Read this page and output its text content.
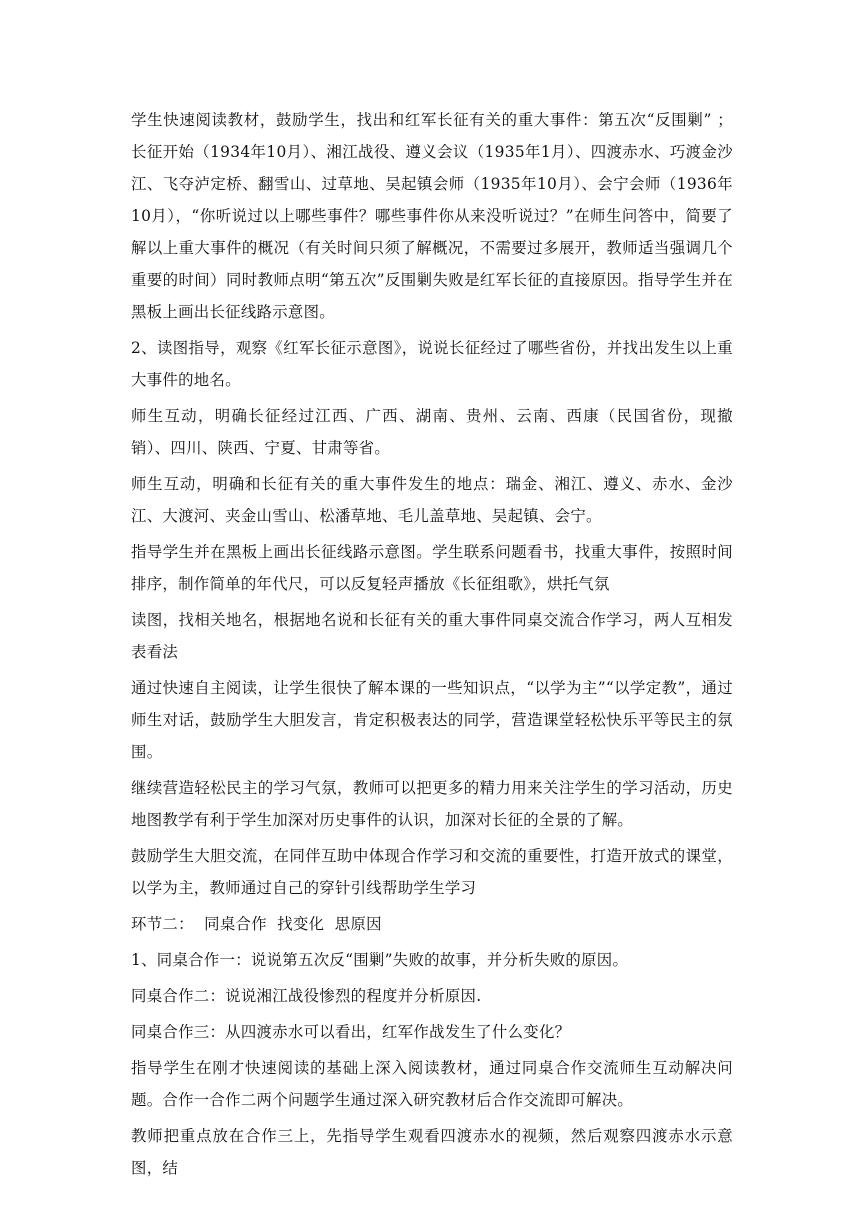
学生快速阅读教材，鼓励学生，找出和红军长征有关的重大事件：第五次“反围剿” ；长征开始（1934年10月）、湘江战役、遵义会议（1935年1月）、四渡赤水、巧渡金沙江、飞夺泸定桥、翻雪山、过草地、吴起镇会师（1935年10月）、会宁会师（1936年10月），“你听说过以上哪些事件？哪些事件你从来没听说过？”在师生问答中，简要了解以上重大事件的概况（有关时间只须了解概况，不需要过多展开，教师适当强调几个重要的时间）同时教师点明“第五次”反围剿失败是红军长征的直接原因。指导学生并在黑板上画出长征线路示意图。

2、读图指导，观察《红军长征示意图》，说说长征经过了哪些省份，并找出发生以上重大事件的地名。

师生互动，明确长征经过江西、广西、湖南、贵州、云南、西康（民国省份，现撤销）、四川、陕西、宁夏、甘肃等省。

师生互动，明确和长征有关的重大事件发生的地点：瑞金、湘江、遵义、赤水、金沙江、大渡河、夹金山雪山、松潘草地、毛儿盖草地、吴起镇、会宁。

指导学生并在黑板上画出长征线路示意图。学生联系问题看书，找重大事件，按照时间排序，制作简单的年代尺，可以反复轻声播放《长征组歌》，烘托气氛

读图，找相关地名，根据地名说和长征有关的重大事件同桌交流合作学习，两人互相发表看法

通过快速自主阅读，让学生很快了解本课的一些知识点，“以学为主”“以学定教”，通过师生对话，鼓励学生大胆发言，肯定积极表达的同学，营造课堂轻松快乐平等民主的氛围。

继续营造轻松民主的学习气氛，教师可以把更多的精力用来关注学生的学习活动，历史地图教学有利于学生加深对历史事件的认识，加深对长征的全景的了解。

鼓励学生大胆交流，在同伴互助中体现合作学习和交流的重要性，打造开放式的课堂，以学为主，教师通过自己的穿针引线帮助学生学习

环节二：  同桌合作  找变化  思原因

1、同桌合作一：说说第五次反“围剿”失败的故事，并分析失败的原因。

同桌合作二：说说湘江战役惨烈的程度并分析原因.

同桌合作三：从四渡赤水可以看出，红军作战发生了什么变化？

指导学生在刚才快速阅读的基础上深入阅读教材，通过同桌合作交流师生互动解决问题。合作一合作二两个问题学生通过深入研究教材后合作交流即可解决。

教师把重点放在合作三上，先指导学生观看四渡赤水的视频，然后观察四渡赤水示意图，结
